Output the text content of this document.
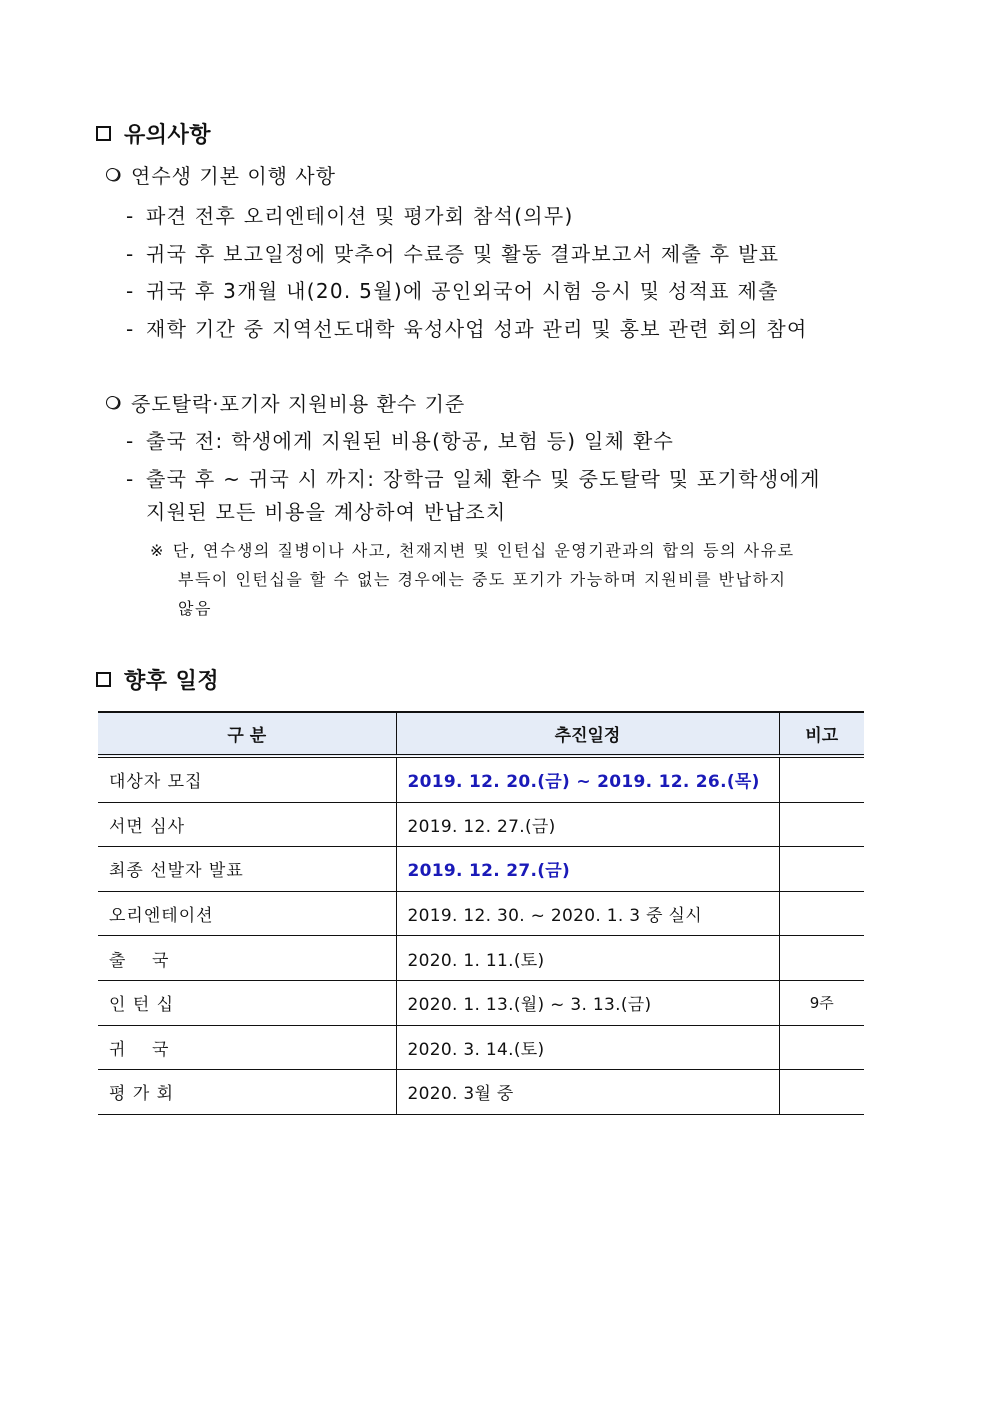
유의사항
연수생 기본 이행 사항
- 파견 전후 오리엔테이션 및 평가회 참석(의무)
- 귀국 후 보고일정에 맞추어 수료증 및 활동 결과보고서 제출 후 발표
- 귀국 후 3개월 내(20. 5월)에 공인외국어 시험 응시 및 성적표 제출
- 재학 기간 중 지역선도대학 육성사업 성과 관리 및 홍보 관련 회의 참여
중도탈락·포기자 지원비용 환수 기준
- 출국 전: 학생에게 지원된 비용(항공, 보험 등) 일체 환수
- 출국 후 ~ 귀국 시 까지: 장학금 일체 환수 및 중도탈락 및 포기학생에게
지원된 모든 비용을 계상하여 반납조치
※ 단, 연수생의 질병이나 사고, 천재지변 및 인턴십 운영기관과의 합의 등의 사유로
부득이 인턴십을 할 수 없는 경우에는 중도 포기가 가능하며 지원비를 반납하지
않음
향후 일정
구 분	추진일정	비고
대상자 모집	2019. 12. 20.(금) ~ 2019. 12. 26.(목)	
서면 심사	2019. 12. 27.(금)	
최종 선발자 발표	2019. 12. 27.(금)	
오리엔테이션	2019. 12. 30. ~ 2020. 1. 3 중 실시	
출    국	2020. 1. 11.(토)	
인 턴 십	2020. 1. 13.(월) ~ 3. 13.(금)	9주
귀    국	2020. 3. 14.(토)	
평 가 회	2020. 3월 중	
